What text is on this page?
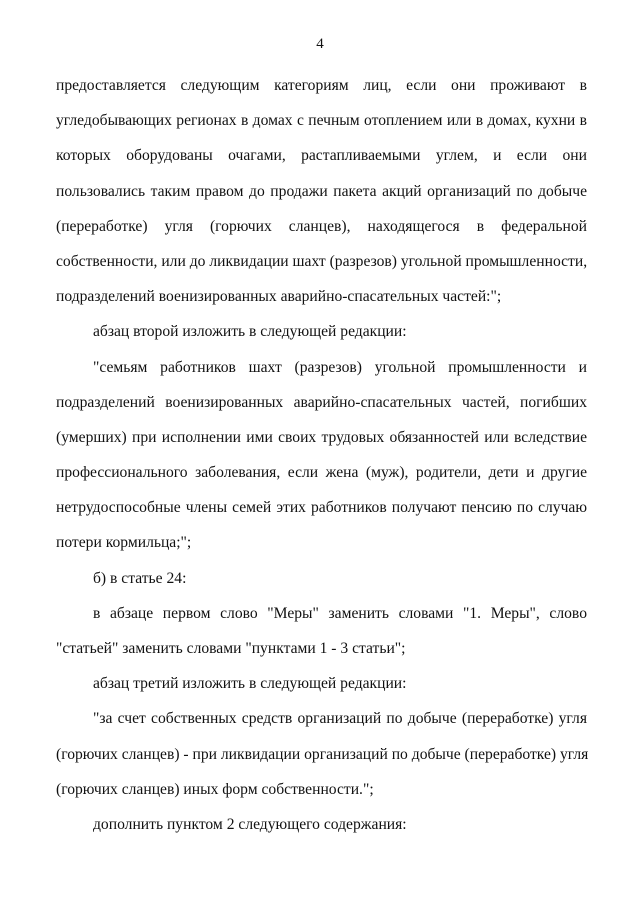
4
предоставляется следующим категориям лиц, если они проживают в
угледобывающих регионах в домах с печным отоплением или в домах, кухни в
которых оборудованы очагами, растапливаемыми углем, и если они
пользовались таким правом до продажи пакета акций организаций по добыче
(переработке) угля (горючих сланцев), находящегося в федеральной
собственности, или до ликвидации шахт (разрезов) угольной промышленности,
подразделений военизированных аварийно-спасательных частей:";
абзац второй изложить в следующей редакции:
"семьям работников шахт (разрезов) угольной промышленности и
подразделений военизированных аварийно-спасательных частей, погибших
(умерших) при исполнении ими своих трудовых обязанностей или вследствие
профессионального заболевания, если жена (муж), родители, дети и другие
нетрудоспособные члены семей этих работников получают пенсию по случаю
потери кормильца;";
б) в статье 24:
в абзаце первом слово "Меры" заменить словами "1. Меры", слово
"статьей" заменить словами "пунктами 1 - 3 статьи";
абзац третий изложить в следующей редакции:
"за счет собственных средств организаций по добыче (переработке) угля
(горючих сланцев) - при ликвидации организаций по добыче (переработке) угля
(горючих сланцев) иных форм собственности.";
дополнить пунктом 2 следующего содержания:
